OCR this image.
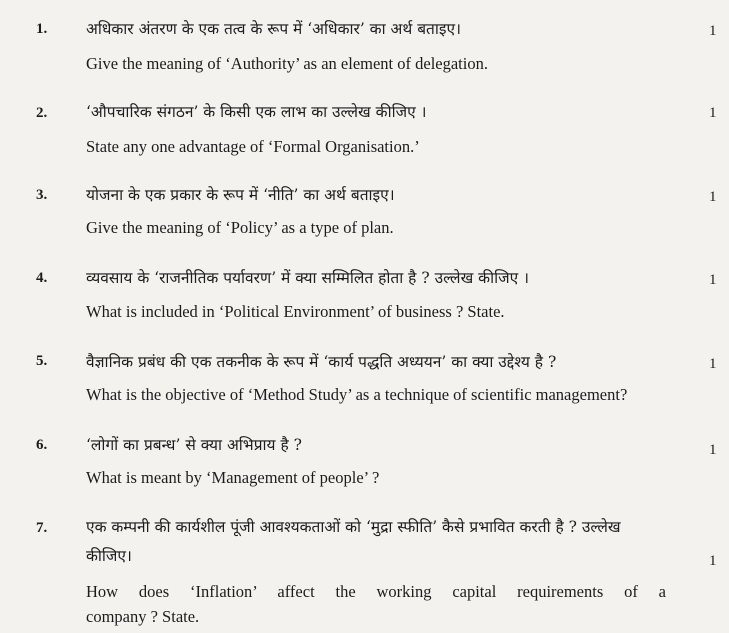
1.	अधिकार अंतरण के एक तत्व के रूप में ‘अधिकार’ का अर्थ बताइए।	1
Give the meaning of ‘Authority’ as an element of delegation.
2.	‘औपचारिक संगठन’ के किसी एक लाभ का उल्लेख कीजिए ।	1
State any one advantage of ‘Formal Organisation.’
3.	योजना के एक प्रकार के रूप में ‘नीति’ का अर्थ बताइए।	1
Give the meaning of ‘Policy’ as a type of plan.
4.	व्यवसाय के ‘राजनीतिक पर्यावरण’ में क्या सम्मिलित होता है ? उल्लेख कीजिए ।	1
What is included in ‘Political Environment’ of business ? State.
5.	वैज्ञानिक प्रबंध की एक तकनीक के रूप में ‘कार्य पद्धति अध्ययन’ का क्या उद्देश्य है ?	1
What is the objective of ‘Method Study’ as a technique of scientific management?
6.	‘लोगों का प्रबन्ध’ से क्या अभिप्राय है ?	1
What is meant by ‘Management of people’ ?
7.	एक कम्पनी की कार्यशील पूंजी आवश्यकताओं को ‘मुद्रा स्फीति’ कैसे प्रभावित करती है ? उल्लेख
कीजिए।	1
How does ‘Inflation’ affect the working capital requirements of a
company ? State.
